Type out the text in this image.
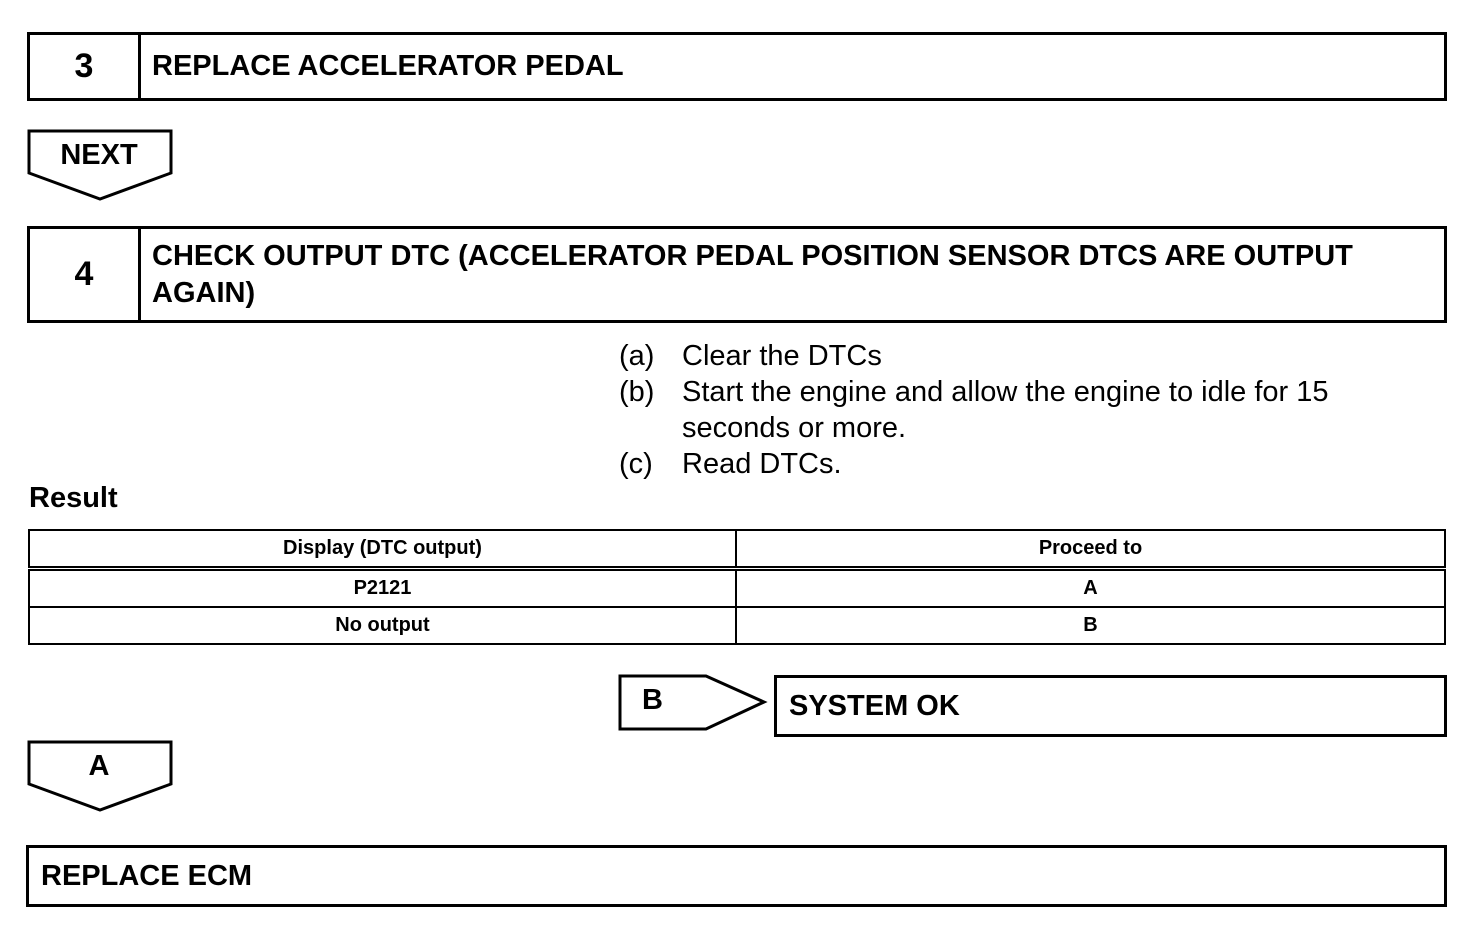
3	REPLACE ACCELERATOR PEDAL
NEXT
4	CHECK OUTPUT DTC (ACCELERATOR PEDAL POSITION SENSOR DTCS ARE OUTPUT AGAIN)
(a) Clear the DTCs
(b) Start the engine and allow the engine to idle for 15 seconds or more.
(c)	Read DTCs.
Result
Display (DTC output)	Proceed to
P2121	A
No output	B
B	SYSTEM OK
A
REPLACE ECM
